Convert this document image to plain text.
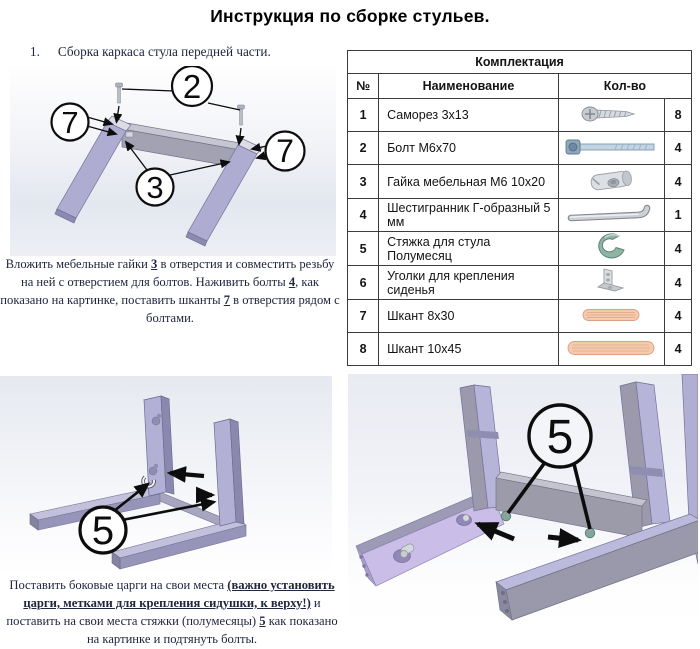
Инструкция по сборке стульев.
1. Сборка каркаса стула передней части.
2
7
3
7

Вложить мебельные гайки 3 в отверстия и совместить резьбу на ней с отверстием для болтов. Наживить болты 4, как показано на картинке, поставить шканты 7 в отверстия рядом с болтами.

Комплектация			
№	Наименование	Кол-во	
1	Саморез 3х13		8
2	Болт М6х70		4
3	Гайка мебельная М6 10х20		4
4	Шестигранник Г-образный 5 мм		1
5	Стяжка для стула Полумесяц		4
6	Уголки для крепления сиденья		4
7	Шкант 8х30		4
8	Шкант 10х45		4
5

Поставить боковые царги на свои места (важно установить царги, метками для крепления сидушки, к верху!) и поставить на свои места стяжки (полумесяцы) 5 как показано на картинке и подтянуть болты.

5
